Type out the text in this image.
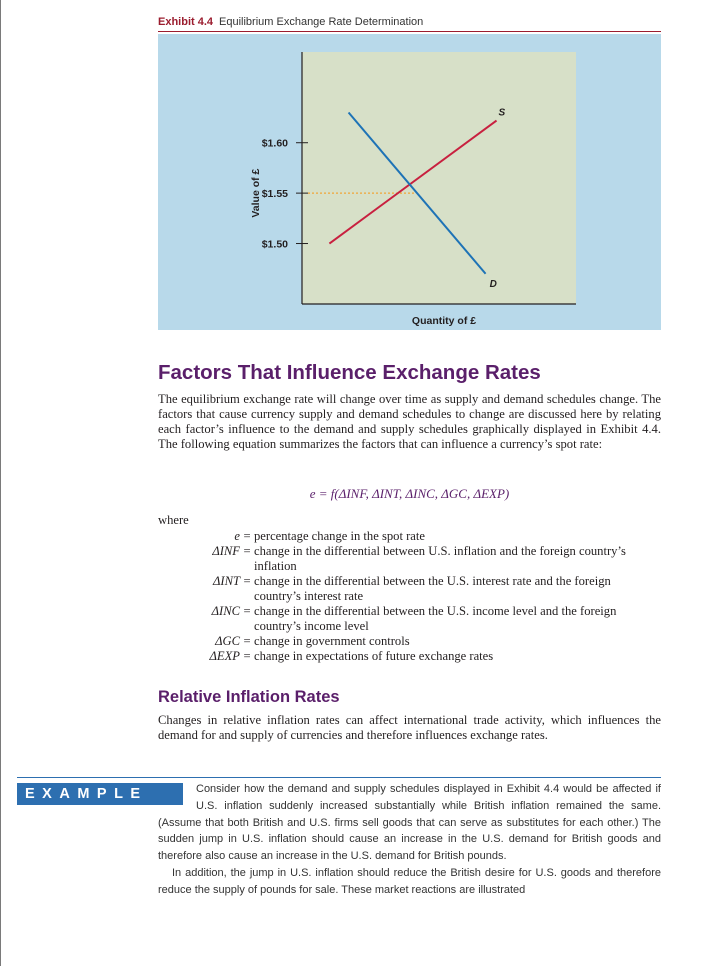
Exhibit 4.4 Equilibrium Exchange Rate Determination
$1.60
$1.55
$1.50
S
D
Quantity of £
Value of £
Factors That Influence Exchange Rates

The equilibrium exchange rate will change over time as supply and demand schedules change. The factors that cause currency supply and demand schedules to change are discussed here by relating each factor’s influence to the demand and supply schedules graphically displayed in Exhibit 4.4. The following equation summarizes the factors that can influence a currency’s spot rate:

e = f(ΔINF, ΔINT, ΔINC, ΔGC, ΔEXP)
where
e = percentage change in the spot rate
ΔINF = change in the differential between U.S. inflation and the foreign country’s inflation
ΔINT = change in the differential between the U.S. interest rate and the foreign country’s interest rate
ΔINC = change in the differential between the U.S. income level and the foreign country’s income level
ΔGC = change in government controls
ΔEXP = change in expectations of future exchange rates
Relative Inflation Rates

Changes in relative inflation rates can affect international trade activity, which influences the demand for and supply of currencies and therefore influences exchange rates.

EXAMPLE	Consider how the demand and supply schedules displayed in Exhibit 4.4 would be affected if U.S. inflation suddenly increased substantially while British inflation remained the same. (Assume that both British and U.S. firms sell goods that can serve as substitutes for each other.) The sudden jump in U.S. inflation should cause an increase in the U.S. demand for British goods and therefore also cause an increase in the U.S. demand for British pounds.
In addition, the jump in U.S. inflation should reduce the British desire for U.S. goods and therefore reduce the supply of pounds for sale. These market reactions are illustrated
